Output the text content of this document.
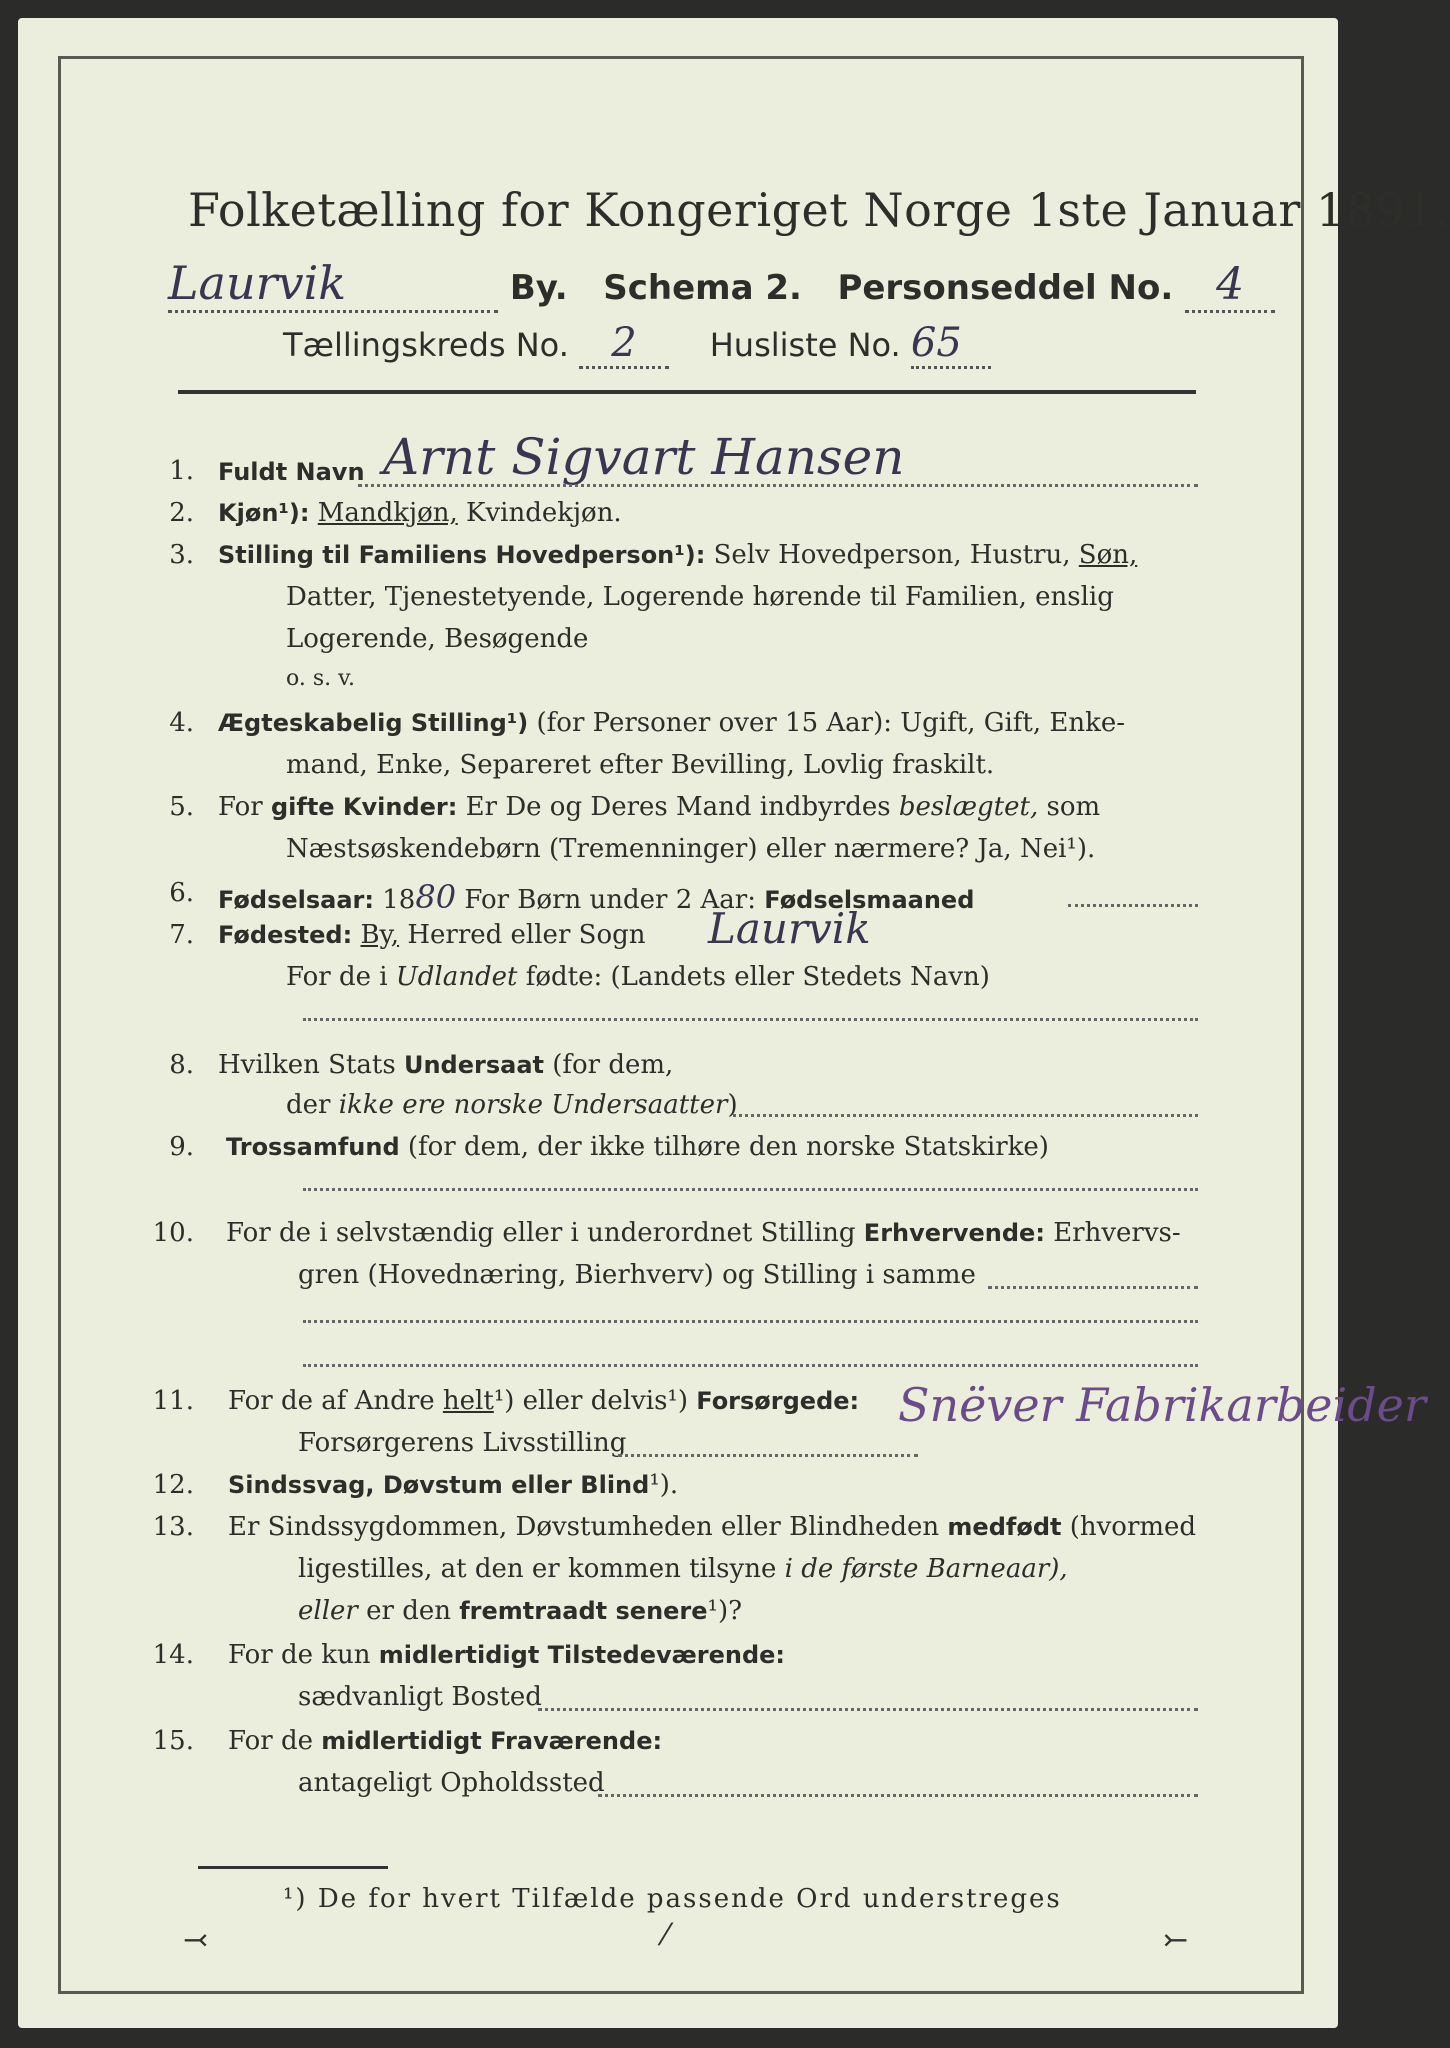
Folketælling for Kongeriget Norge 1ste Januar 1891.
Laurvik	By. Schema 2. Personseddel No. 4
Tællingskreds No. 2 Husliste No. 65
1. Fuldt Navn Arnt Sigvart Hansen
2. Kjøn¹): Mandkjøn, Kvindekjøn.
3. Stilling til Familiens Hovedperson¹): Selv Hovedperson, Hustru, Søn,
Datter, Tjenestetyende, Logerende hørende til Familien, enslig
Logerende, Besøgende
o. s. v.
4. Ægteskabelig Stilling¹) (for Personer over 15 Aar): Ugift, Gift, Enke-
mand, Enke, Separeret efter Bevilling, Lovlig fraskilt.
5. For gifte Kvinder: Er De og Deres Mand indbyrdes beslægtet, som
Næstsøskendebørn (Tremenninger) eller nærmere? Ja, Nei¹).
6. Fødselsaar: 1880 For Børn under 2 Aar: Fødselsmaaned
7. Fødested: By, Herred eller Sogn Laurvik
For de i Udlandet fødte: (Landets eller Stedets Navn)
8. Hvilken Stats Undersaat (for dem,
der ikke ere norske Undersaatter)
9. Trossamfund (for dem, der ikke tilhøre den norske Statskirke)
10. For de i selvstændig eller i underordnet Stilling Erhvervende: Erhvervs-
gren (Hovednæring, Bierhverv) og Stilling i samme
11. For de af Andre helt¹) eller delvis¹) Forsørgede:
Forsørgerens Livsstilling
Snëver Fabrikarbeider
12. Sindssvag, Døvstum eller Blind¹).
13. Er Sindssygdommen, Døvstumheden eller Blindheden medfødt (hvormed
ligestilles, at den er kommen tilsyne i de første Barneaar),
eller er den fremtraadt senere¹)?
14. For de kun midlertidigt Tilstedeværende:
sædvanligt Bosted
15. For de midlertidigt Fraværende:
antageligt Opholdssted
¹) De for hvert Tilfælde passende Ord understreges
⤙	⁄	⤚
